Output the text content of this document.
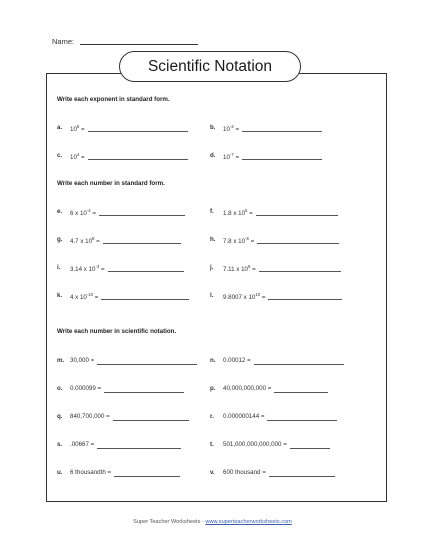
Name:
Scientific Notation
Write each exponent in standard form.
Write each number in standard form.
Write each number in scientific notation.
a. $10^5$ =	b. $10^{-2}$ =
c. $10^4$ =	d. $10^{-7}$ =
e. 6 x $10^{-4}$ =	f. 1.8 x $10^5$ =
g. 4.7 x $10^8$ =	h. 7.8 x $10^{-5}$ =
i. 3.14 x $10^{-3}$ =	j. 7.11 x $10^9$ =
k. 4 x $10^{-10}$ =	l. 9.8007 x $10^{10}$ =
m. 30,000 =	n. 0.00012 =
o. 0.000099 =	p. 40,000,000,000 =
q. 840,700,000 =	r. 0.000000144 =
s. .00667 =	t. 501,000,000,000,000 =
u. 6 thousandth =	v. 600 thousand =
Super Teacher Worksheets - www.superteacherworksheets.com
